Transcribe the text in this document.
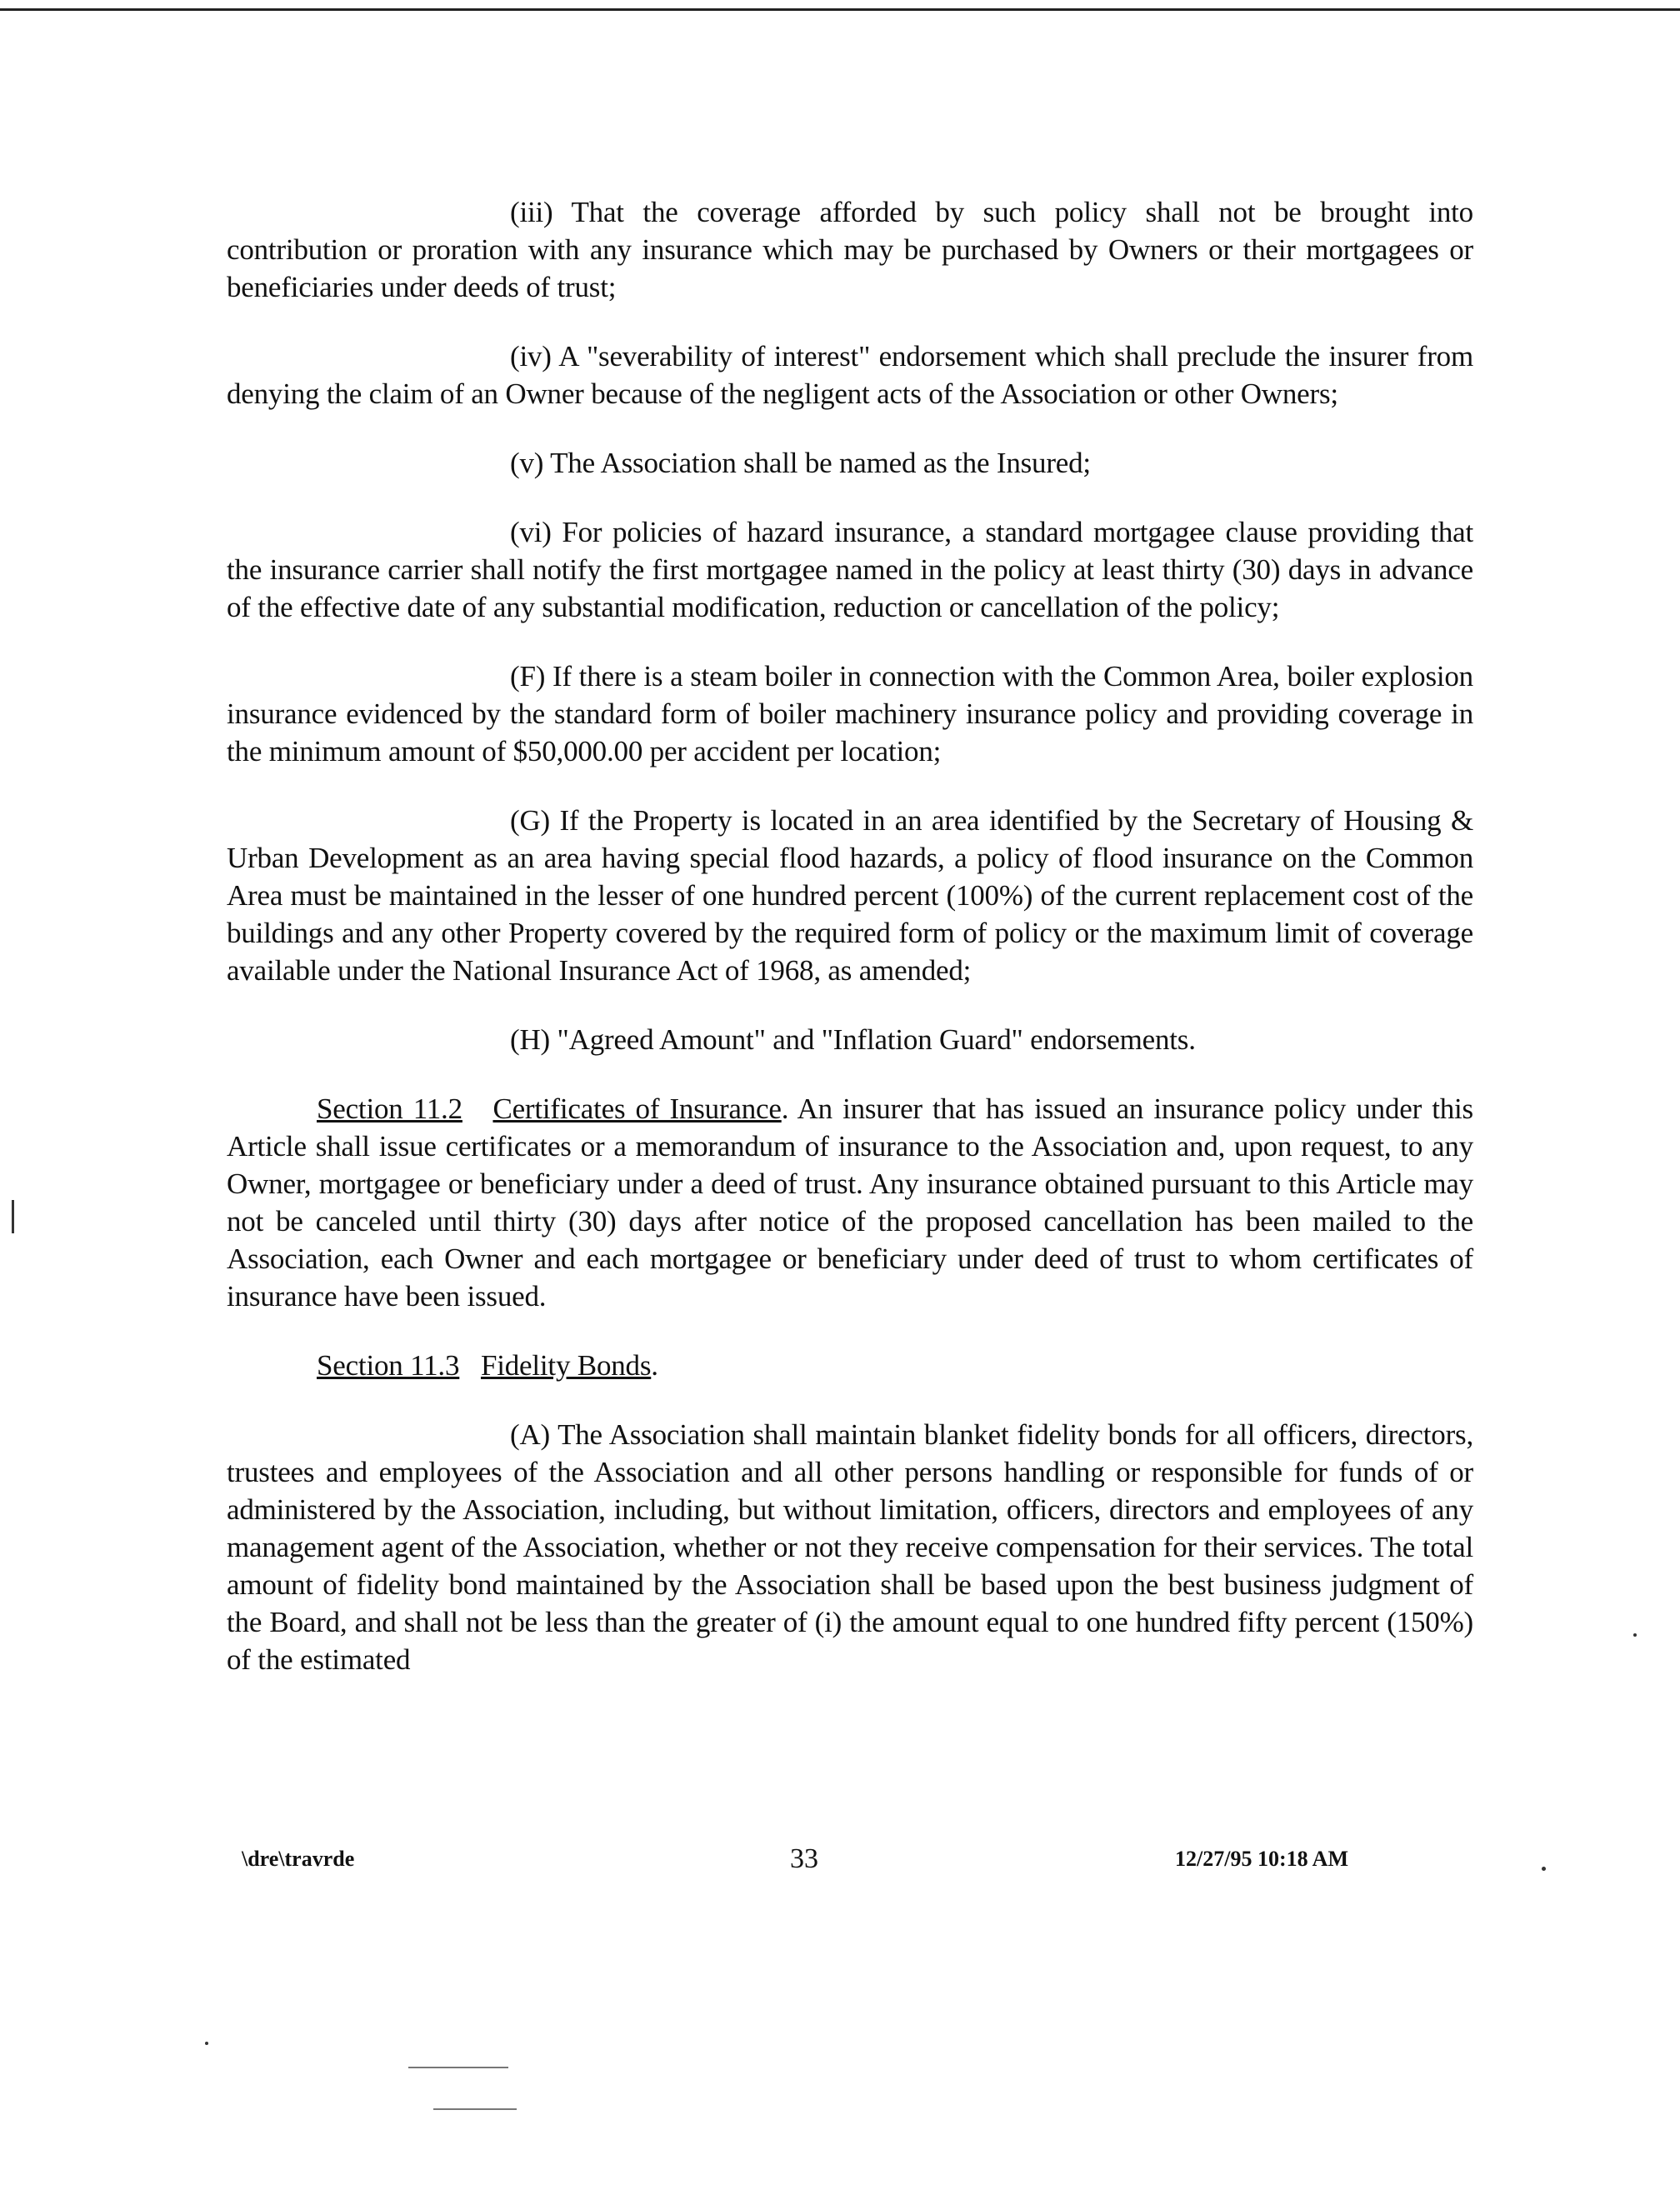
(iii) That the coverage afforded by such policy shall not be brought into contribution or proration with any insurance which may be purchased by Owners or their mortgagees or beneficiaries under deeds of trust;

(iv) A "severability of interest" endorsement which shall preclude the insurer from denying the claim of an Owner because of the negligent acts of the Association or other Owners;

(v) The Association shall be named as the Insured;

(vi) For policies of hazard insurance, a standard mortgagee clause providing that the insurance carrier shall notify the first mortgagee named in the policy at least thirty (30) days in advance of the effective date of any substantial modification, reduction or cancellation of the policy;

(F) If there is a steam boiler in connection with the Common Area, boiler explosion insurance evidenced by the standard form of boiler machinery insurance policy and providing coverage in the minimum amount of $50,000.00 per accident per location;

(G) If the Property is located in an area identified by the Secretary of Housing & Urban Development as an area having special flood hazards, a policy of flood insurance on the Common Area must be maintained in the lesser of one hundred percent (100%) of the current replacement cost of the buildings and any other Property covered by the required form of policy or the maximum limit of coverage available under the National Insurance Act of 1968, as amended;

(H) "Agreed Amount" and "Inflation Guard" endorsements.

Section 11.2 Certificates of Insurance. An insurer that has issued an insurance policy under this Article shall issue certificates or a memorandum of insurance to the Association and, upon request, to any Owner, mortgagee or beneficiary under a deed of trust. Any insurance obtained pursuant to this Article may not be canceled until thirty (30) days after notice of the proposed cancellation has been mailed to the Association, each Owner and each mortgagee or beneficiary under deed of trust to whom certificates of insurance have been issued.

Section 11.3 Fidelity Bonds.

(A) The Association shall maintain blanket fidelity bonds for all officers, directors, trustees and employees of the Association and all other persons handling or responsible for funds of or administered by the Association, including, but without limitation, officers, directors and employees of any management agent of the Association, whether or not they receive compensation for their services. The total amount of fidelity bond maintained by the Association shall be based upon the best business judgment of the Board, and shall not be less than the greater of (i) the amount equal to one hundred fifty percent (150%) of the estimated

\dre\travrde	33	12/27/95 10:18 AM
